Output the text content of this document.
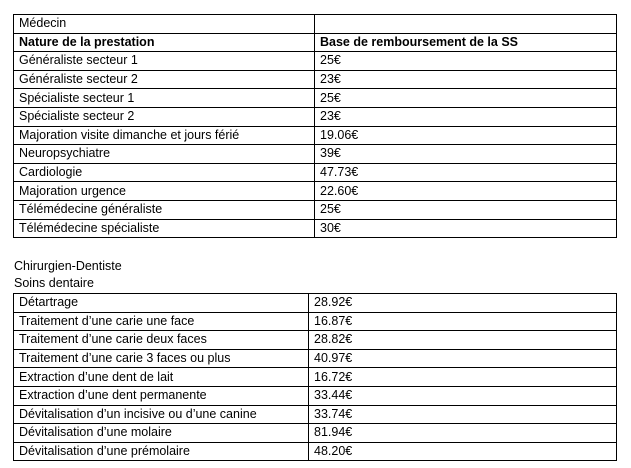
Médecin	
Nature de la prestation	Base de remboursement de la SS
Généraliste secteur 1	25€
Généraliste secteur 2	23€
Spécialiste secteur 1	25€
Spécialiste secteur 2	23€
Majoration visite dimanche et jours férié	19.06€
Neuropsychiatre	39€
Cardiologie	47.73€
Majoration urgence	22.60€
Télémédecine généraliste	25€
Télémédecine spécialiste	30€
Chirurgien-Dentiste
Soins dentaire
Détartrage	28.92€
Traitement d’une carie une face	16.87€
Traitement d’une carie deux faces	28.82€
Traitement d’une carie 3 faces ou plus	40.97€
Extraction d’une dent de lait	16.72€
Extraction d’une dent permanente	33.44€
Dévitalisation d’un incisive ou d’une canine	33.74€
Dévitalisation d’une molaire	81.94€
Dévitalisation d’une prémolaire	48.20€
